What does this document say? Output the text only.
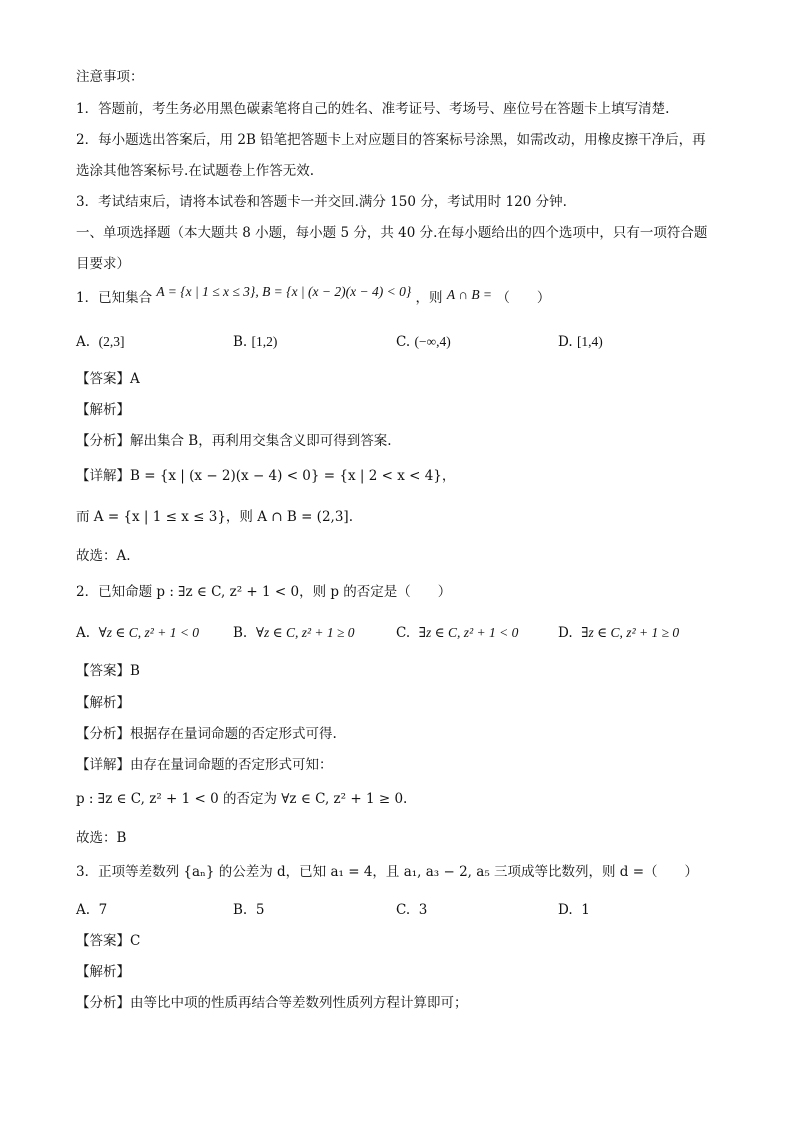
注意事项：
1．答题前，考生务必用黑色碳素笔将自己的姓名、准考证号、考场号、座位号在答题卡上填写清楚.
2．每小题选出答案后，用 2B 铅笔把答题卡上对应题目的答案标号涂黑，如需改动，用橡皮擦干净后，再
选涂其他答案标号.在试题卷上作答无效.
3．考试结束后，请将本试卷和答题卡一并交回.满分 150 分，考试用时 120 分钟.
一、单项选择题（本大题共 8 小题，每小题 5 分，共 40 分.在每小题给出的四个选项中，只有一项符合题
目要求）
1．已知集合 A = {x | 1 ≤ x ≤ 3}, B = {x | (x − 2)(x − 4) < 0} ，则 A ∩ B = （　　）
A. (2,3]	B. [1,2)	C. (−∞,4)	D. [1,4)
【答案】A
【解析】
【分析】解出集合 B，再利用交集含义即可得到答案.
【详解】B = {x | (x − 2)(x − 4) < 0} = {x | 2 < x < 4}，
而 A = {x | 1 ≤ x ≤ 3}，则 A ∩ B = (2,3].
故选：A.
2．已知命题 p : ∃z ∈ C, z² + 1 < 0，则 p 的否定是（　　）
A. ∀z ∈ C, z² + 1 < 0	B. ∀z ∈ C, z² + 1 ≥ 0	C. ∃z ∈ C, z² + 1 < 0	D. ∃z ∈ C, z² + 1 ≥ 0
【答案】B
【解析】
【分析】根据存在量词命题的否定形式可得.
【详解】由存在量词命题的否定形式可知：
p : ∃z ∈ C, z² + 1 < 0 的否定为 ∀z ∈ C, z² + 1 ≥ 0.
故选：B
3．正项等差数列 {aₙ} 的公差为 d，已知 a₁ = 4，且 a₁, a₃ − 2, a₅ 三项成等比数列，则 d =（　　）
A. 7	B. 5	C. 3	D. 1
【答案】C
【解析】
【分析】由等比中项的性质再结合等差数列性质列方程计算即可；
